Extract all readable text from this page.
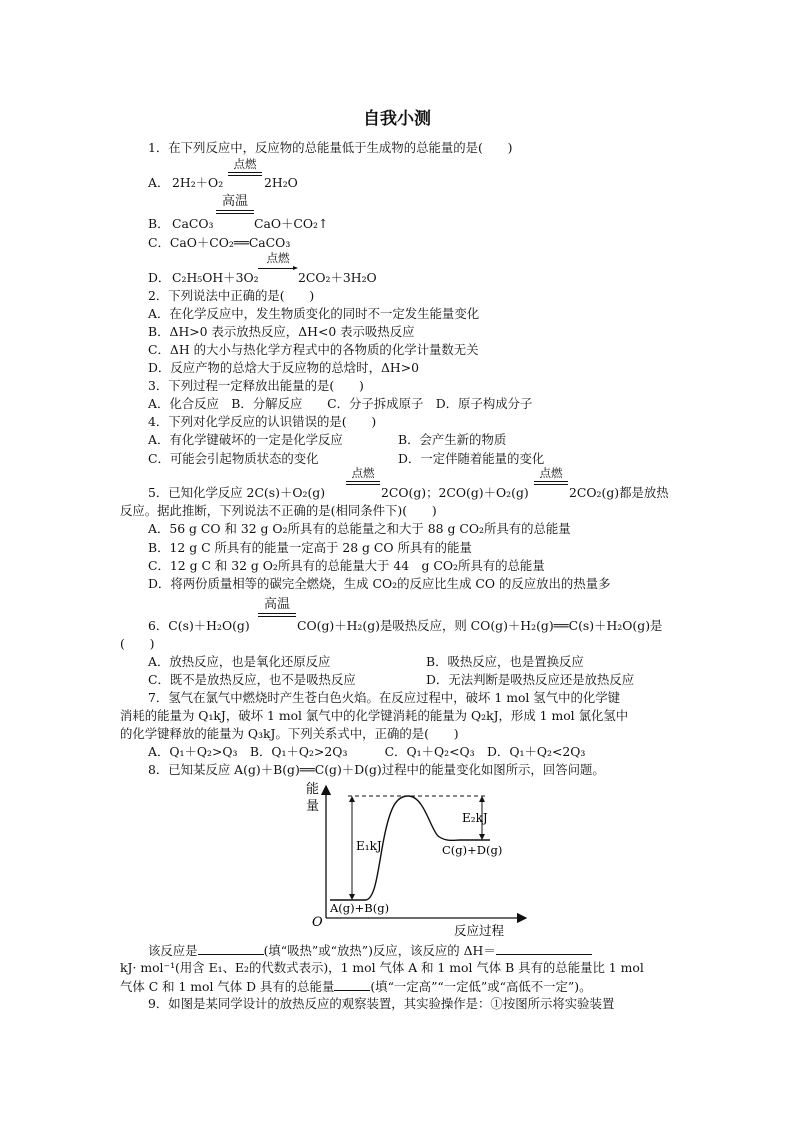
自我小测
1．在下列反应中，反应物的总能量低于生成物的总能量的是(　　)
A． 2H₂＋O₂
点燃
2H₂O
B． CaCO₃
高温
CaO＋CO₂↑
C．CaO＋CO₂══CaCO₃
D． C₂H₅OH＋3O₂
点燃
2CO₂＋3H₂O
2．下列说法中正确的是(　　)
A．在化学反应中，发生物质变化的同时不一定发生能量变化
B．ΔH>0 表示放热反应，ΔH<0 表示吸热反应
C．ΔH 的大小与热化学方程式中的各物质的化学计量数无关
D．反应产物的总焓大于反应物的总焓时，ΔH>0
3．下列过程一定释放出能量的是(　　)
A．化合反应　B．分解反应　　C．分子拆成原子　D．原子构成分子
4．下列对化学反应的认识错误的是(　　)
A．有化学键破坏的一定是化学反应	B．会产生新的物质
C．可能会引起物质状态的变化	D．一定伴随着能量的变化
5．已知化学反应 2C(s)＋O₂(g)
点燃
2CO(g)；2CO(g)＋O₂(g)
点燃
2CO₂(g)都是放热
反应。据此推断，下列说法不正确的是(相同条件下)(　　)
A．56 g CO 和 32 g O₂所具有的总能量之和大于 88 g CO₂所具有的总能量
B．12 g C 所具有的能量一定高于 28 g CO 所具有的能量
C．12 g C 和 32 g O₂所具有的总能量大于 44　g CO₂所具有的总能量
D．将两份质量相等的碳完全燃烧，生成 CO₂的反应比生成 CO 的反应放出的热量多
6．C(s)＋H₂O(g)
高温
CO(g)＋H₂(g)是吸热反应，则 CO(g)＋H₂(g)══C(s)＋H₂O(g)是
(　　)
A．放热反应，也是氧化还原反应	B．吸热反应，也是置换反应
C．既不是放热反应，也不是吸热反应	D．无法判断是吸热反应还是放热反应
7．氢气在氯气中燃烧时产生苍白色火焰。在反应过程中，破坏 1 mol 氢气中的化学键
消耗的能量为 Q₁kJ，破坏 1 mol 氯气中的化学键消耗的能量为 Q₂kJ，形成 1 mol 氯化氢中
的化学键释放的能量为 Q₃kJ。下列关系式中，正确的是(　　)
A．Q₁＋Q₂>Q₃　B．Q₁＋Q₂>2Q₃　　　C．Q₁＋Q₂<Q₃　D．Q₁＋Q₂<2Q₃
8．已知某反应 A(g)＋B(g)══C(g)＋D(g)过程中的能量变化如图所示，回答问题。
能
量
O
E₁kJ
E₂kJ
A(g)+B(g)
C(g)+D(g)
反应过程
该反应是	(填“吸热”或“放热”)反应，该反应的 ΔH＝
kJ· mol⁻¹(用含 E₁、E₂的代数式表示)，1 mol 气体 A 和 1 mol 气体 B 具有的总能量比 1 mol
气体 C 和 1 mol 气体 D 具有的总能量	(填“一定高”“一定低”或“高低不一定”)。
9．如图是某同学设计的放热反应的观察装置，其实验操作是：①按图所示将实验装置
